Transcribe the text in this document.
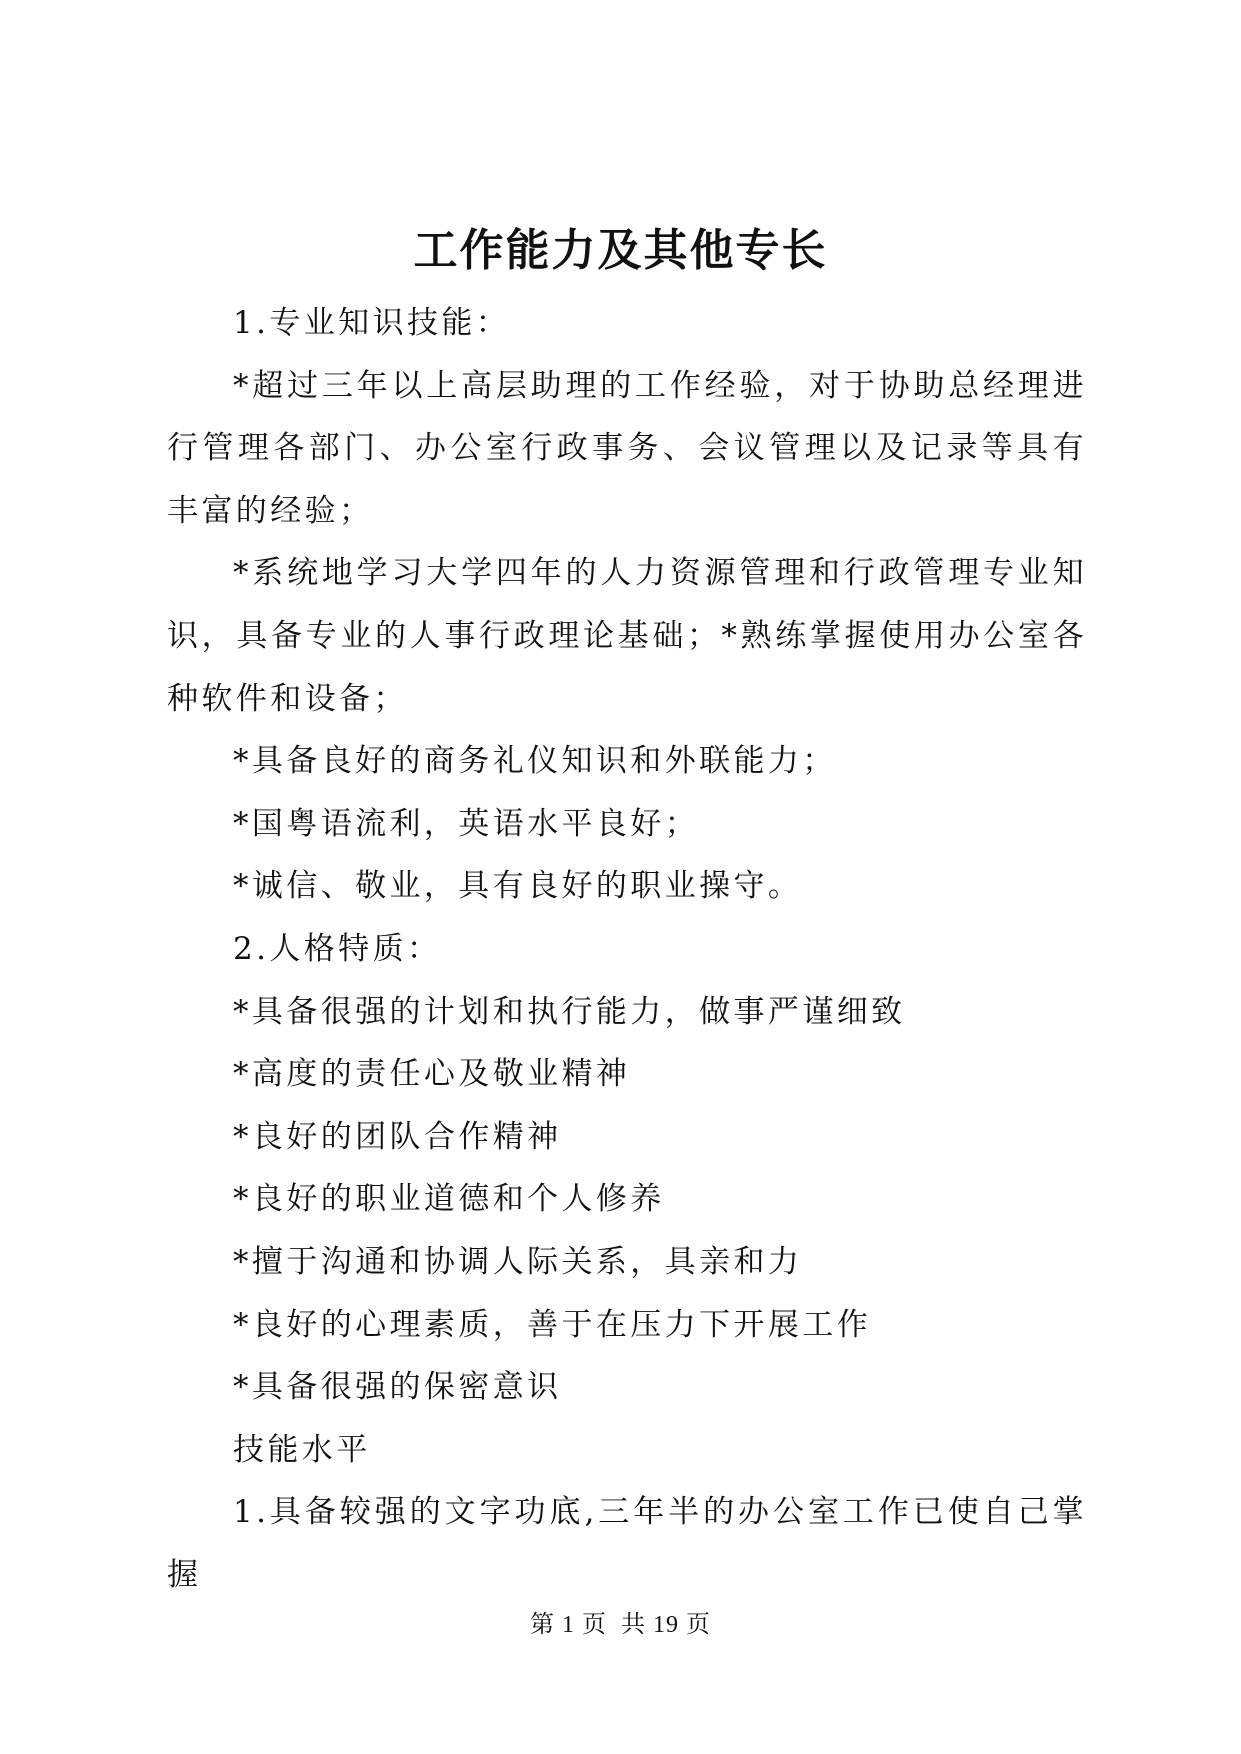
工作能力及其他专长

1.专业知识技能：

*超过三年以上高层助理的工作经验，对于协助总经理进行管理各部门、办公室行政事务、会议管理以及记录等具有丰富的经验；

*系统地学习大学四年的人力资源管理和行政管理专业知识，具备专业的人事行政理论基础；*熟练掌握使用办公室各种软件和设备；

*具备良好的商务礼仪知识和外联能力；

*国粤语流利，英语水平良好；

*诚信、敬业，具有良好的职业操守。

2.人格特质：

*具备很强的计划和执行能力，做事严谨细致

*高度的责任心及敬业精神

*良好的团队合作精神

*良好的职业道德和个人修养

*擅于沟通和协调人际关系，具亲和力

*良好的心理素质，善于在压力下开展工作

*具备很强的保密意识

技能水平

1.具备较强的文字功底,三年半的办公室工作已使自己掌握

第 1 页 共 19 页
